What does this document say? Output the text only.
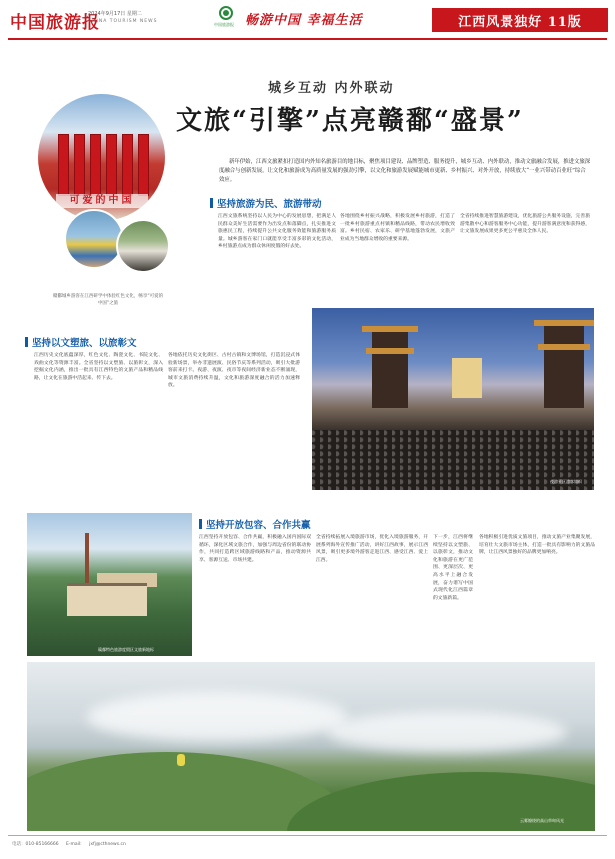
中国旅游报
2024年9月17日 星期二
CHINA TOURISM NEWS
中国旅游报 畅游中国 幸福生活	江西风景独好 11版
城乡互动 内外联动
文旅“引擎”点亮赣鄱“盛景”
可爱的中国
赣鄱城乡游客在江西研学中体验红色文化，畅享“可爱的中国”之旅
新年伊始，江西文旅紧扣打造国内外知名旅游目的地目标，聚焦项目建设、品牌塑造、服务提升，城乡互动、内外联动，推动文旅融合发展，推进文旅深度融合与创新发展，让文化和旅游成为高质量发展的强劲引擎，以文化和旅游发展赋能城市更新、乡村振兴、对外开放，持续放大“一业兴带动百业旺”综合效应。
坚持旅游为民、旅游带动
江西文旅系统坚持以人民为中心的发展思想，把满足人民群众美好生活需要作为出发点和落脚点，扎实推进文旅惠民工程，持续提升公共文化服务效能和旅游服务质量。城乡游客在家门口就能享受丰富多彩的文化活动，乡村旅游点成为群众休闲度假的好去处。
各地围绕乡村振兴战略，积极发展乡村旅游，打造了一批乡村旅游重点村镇和精品线路，带动农民增收致富。乡村民宿、农家乐、研学基地蓬勃发展，文旅产业成为当地群众增收的重要来源。
全省持续推进智慧旅游建设，优化旅游公共服务设施，完善旅游集散中心和游客服务中心功能，提升游客满意度和获得感，让文旅发展成果更多更公平惠及全体人民。
坚持以文塑旅、以旅彰文
江西历史文化底蕴深厚，红色文化、陶瓷文化、书院文化、戏曲文化等资源丰富。全省坚持以文塑旅、以旅彰文，深入挖掘文化内涵，推出一批具有江西特色的文旅产品和精品线路，让文化在旅游中活起来、传下去。
各地依托历史文化街区、古村古镇和文博场馆，打造沉浸式体验新场景，举办非遗展演、民俗节庆等系列活动，吸引大批游客前来打卡。夜游、夜演、夜市等夜间经济新业态不断涌现，城市文旅消费持续升温，文化和旅游深度融合的活力加速释放。
夜游景区游客如织
赣鄱特色旅游度假区文旅新地标
坚持开放包容、合作共赢
江西坚持开放包容、合作共赢，积极融入国内国际双循环，深化区域文旅合作，加强与周边省份的联动协作，共同打造跨区域旅游线路和产品，推动资源共享、客源互送、市场共建。
全省持续拓展入境旅游市场，优化入境旅游服务，开展系列海外宣传推广活动，讲好江西故事，展示江西风景，吸引更多境外游客走进江西、感受江西、爱上江西。
各地积极引进优质文旅项目，推动文旅产业集聚发展，培育壮大文旅市场主体，打造一批具有影响力的文旅品牌，让江西风景独好的品牌更加响亮。
下一步，江西将继续坚持以文塑旅、以旅彰文，推动文化和旅游在更广范围、更深层次、更高水平上融合发展，奋力谱写中国式现代化江西篇章的文旅新篇。
云雾缭绕的高山草甸风光
电话：010-85166666 E-mail: jxfj@cthnews.cn
